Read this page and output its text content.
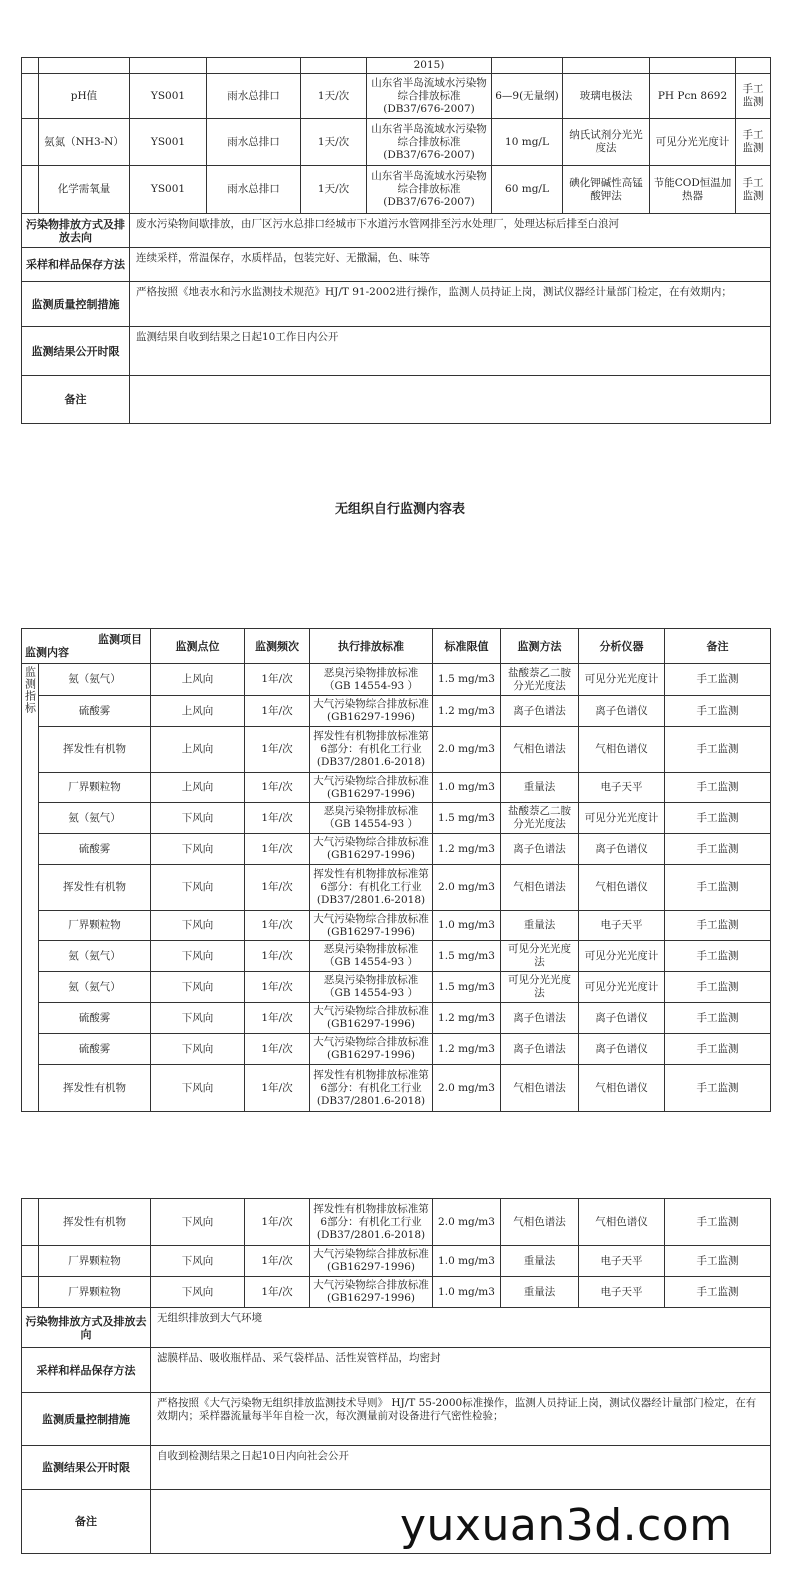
					2015)				
	pH值	YS001	雨水总排口	1天/次	山东省半岛流域水污染物综合排放标准(DB37/676-2007)	6—9(无量纲)	玻璃电极法	PH Pcn 8692	手工监测
	氨氮（NH3-N）	YS001	雨水总排口	1天/次	山东省半岛流域水污染物综合排放标准(DB37/676-2007)	10 mg/L	纳氏试剂分光光度法	可见分光光度计	手工监测
	化学需氧量	YS001	雨水总排口	1天/次	山东省半岛流域水污染物综合排放标准(DB37/676-2007)	60 mg/L	碘化钾碱性高锰酸钾法	节能COD恒温加热器	手工监测
污染物排放方式及排放去向		废水污染物间歇排放，由厂区污水总排口经城市下水道污水管网排至污水处理厂，处理达标后排至白浪河							
采样和样品保存方法		连续采样，常温保存，水质样品，包装完好、无撒漏，色、味等							
监测质量控制措施		严格按照《地表水和污水监测技术规范》HJ/T 91-2002进行操作，监测人员持证上岗，测试仪器经计量部门检定，在有效期内；							
监测结果公开时限		监测结果自收到结果之日起10工作日内公开							
备注									
无组织自行监测内容表
监测项目
监测内容		监测点位	监测频次	执行排放标准	标准限值	监测方法	分析仪器	备注
监测指标	氨（氨气）	上风向	1年/次	恶臭污染物排放标准（GB 14554-93 ）	1.5 mg/m3	盐酸萘乙二胺分光光度法	可见分光光度计	手工监测
	硫酸雾	上风向	1年/次	大气污染物综合排放标准(GB16297-1996)	1.2 mg/m3	离子色谱法	离子色谱仪	手工监测
	挥发性有机物	上风向	1年/次	挥发性有机物排放标准第6部分：有机化工行业(DB37/2801.6-2018)	2.0 mg/m3	气相色谱法	气相色谱仪	手工监测
	厂界颗粒物	上风向	1年/次	大气污染物综合排放标准(GB16297-1996)	1.0 mg/m3	重量法	电子天平	手工监测
	氨（氨气）	下风向	1年/次	恶臭污染物排放标准（GB 14554-93 ）	1.5 mg/m3	盐酸萘乙二胺分光光度法	可见分光光度计	手工监测
	硫酸雾	下风向	1年/次	大气污染物综合排放标准(GB16297-1996)	1.2 mg/m3	离子色谱法	离子色谱仪	手工监测
	挥发性有机物	下风向	1年/次	挥发性有机物排放标准第6部分：有机化工行业(DB37/2801.6-2018)	2.0 mg/m3	气相色谱法	气相色谱仪	手工监测
	厂界颗粒物	下风向	1年/次	大气污染物综合排放标准(GB16297-1996)	1.0 mg/m3	重量法	电子天平	手工监测
	氨（氨气）	下风向	1年/次	恶臭污染物排放标准（GB 14554-93 ）	1.5 mg/m3	可见分光光度法	可见分光光度计	手工监测
	氨（氨气）	下风向	1年/次	恶臭污染物排放标准（GB 14554-93 ）	1.5 mg/m3	可见分光光度法	可见分光光度计	手工监测
	硫酸雾	下风向	1年/次	大气污染物综合排放标准(GB16297-1996)	1.2 mg/m3	离子色谱法	离子色谱仪	手工监测
	硫酸雾	下风向	1年/次	大气污染物综合排放标准(GB16297-1996)	1.2 mg/m3	离子色谱法	离子色谱仪	手工监测
	挥发性有机物	下风向	1年/次	挥发性有机物排放标准第6部分：有机化工行业(DB37/2801.6-2018)	2.0 mg/m3	气相色谱法	气相色谱仪	手工监测
	挥发性有机物	下风向	1年/次	挥发性有机物排放标准第6部分：有机化工行业(DB37/2801.6-2018)	2.0 mg/m3	气相色谱法	气相色谱仪	手工监测
	厂界颗粒物	下风向	1年/次	大气污染物综合排放标准(GB16297-1996)	1.0 mg/m3	重量法	电子天平	手工监测
	厂界颗粒物	下风向	1年/次	大气污染物综合排放标准(GB16297-1996)	1.0 mg/m3	重量法	电子天平	手工监测
污染物排放方式及排放去向		无组织排放到大气环境						
采样和样品保存方法		滤膜样品、吸收瓶样品、采气袋样品、活性炭管样品，均密封						
监测质量控制措施		严格按照《大气污染物无组织排放监测技术导则》 HJ/T 55-2000标准操作，监测人员持证上岗，测试仪器经计量部门检定，在有效期内；采样器流量每半年自检一次，每次测量前对设备进行气密性检验；						
监测结果公开时限		自收到检测结果之日起10日内向社会公开						
备注									yuxuan3d.com
